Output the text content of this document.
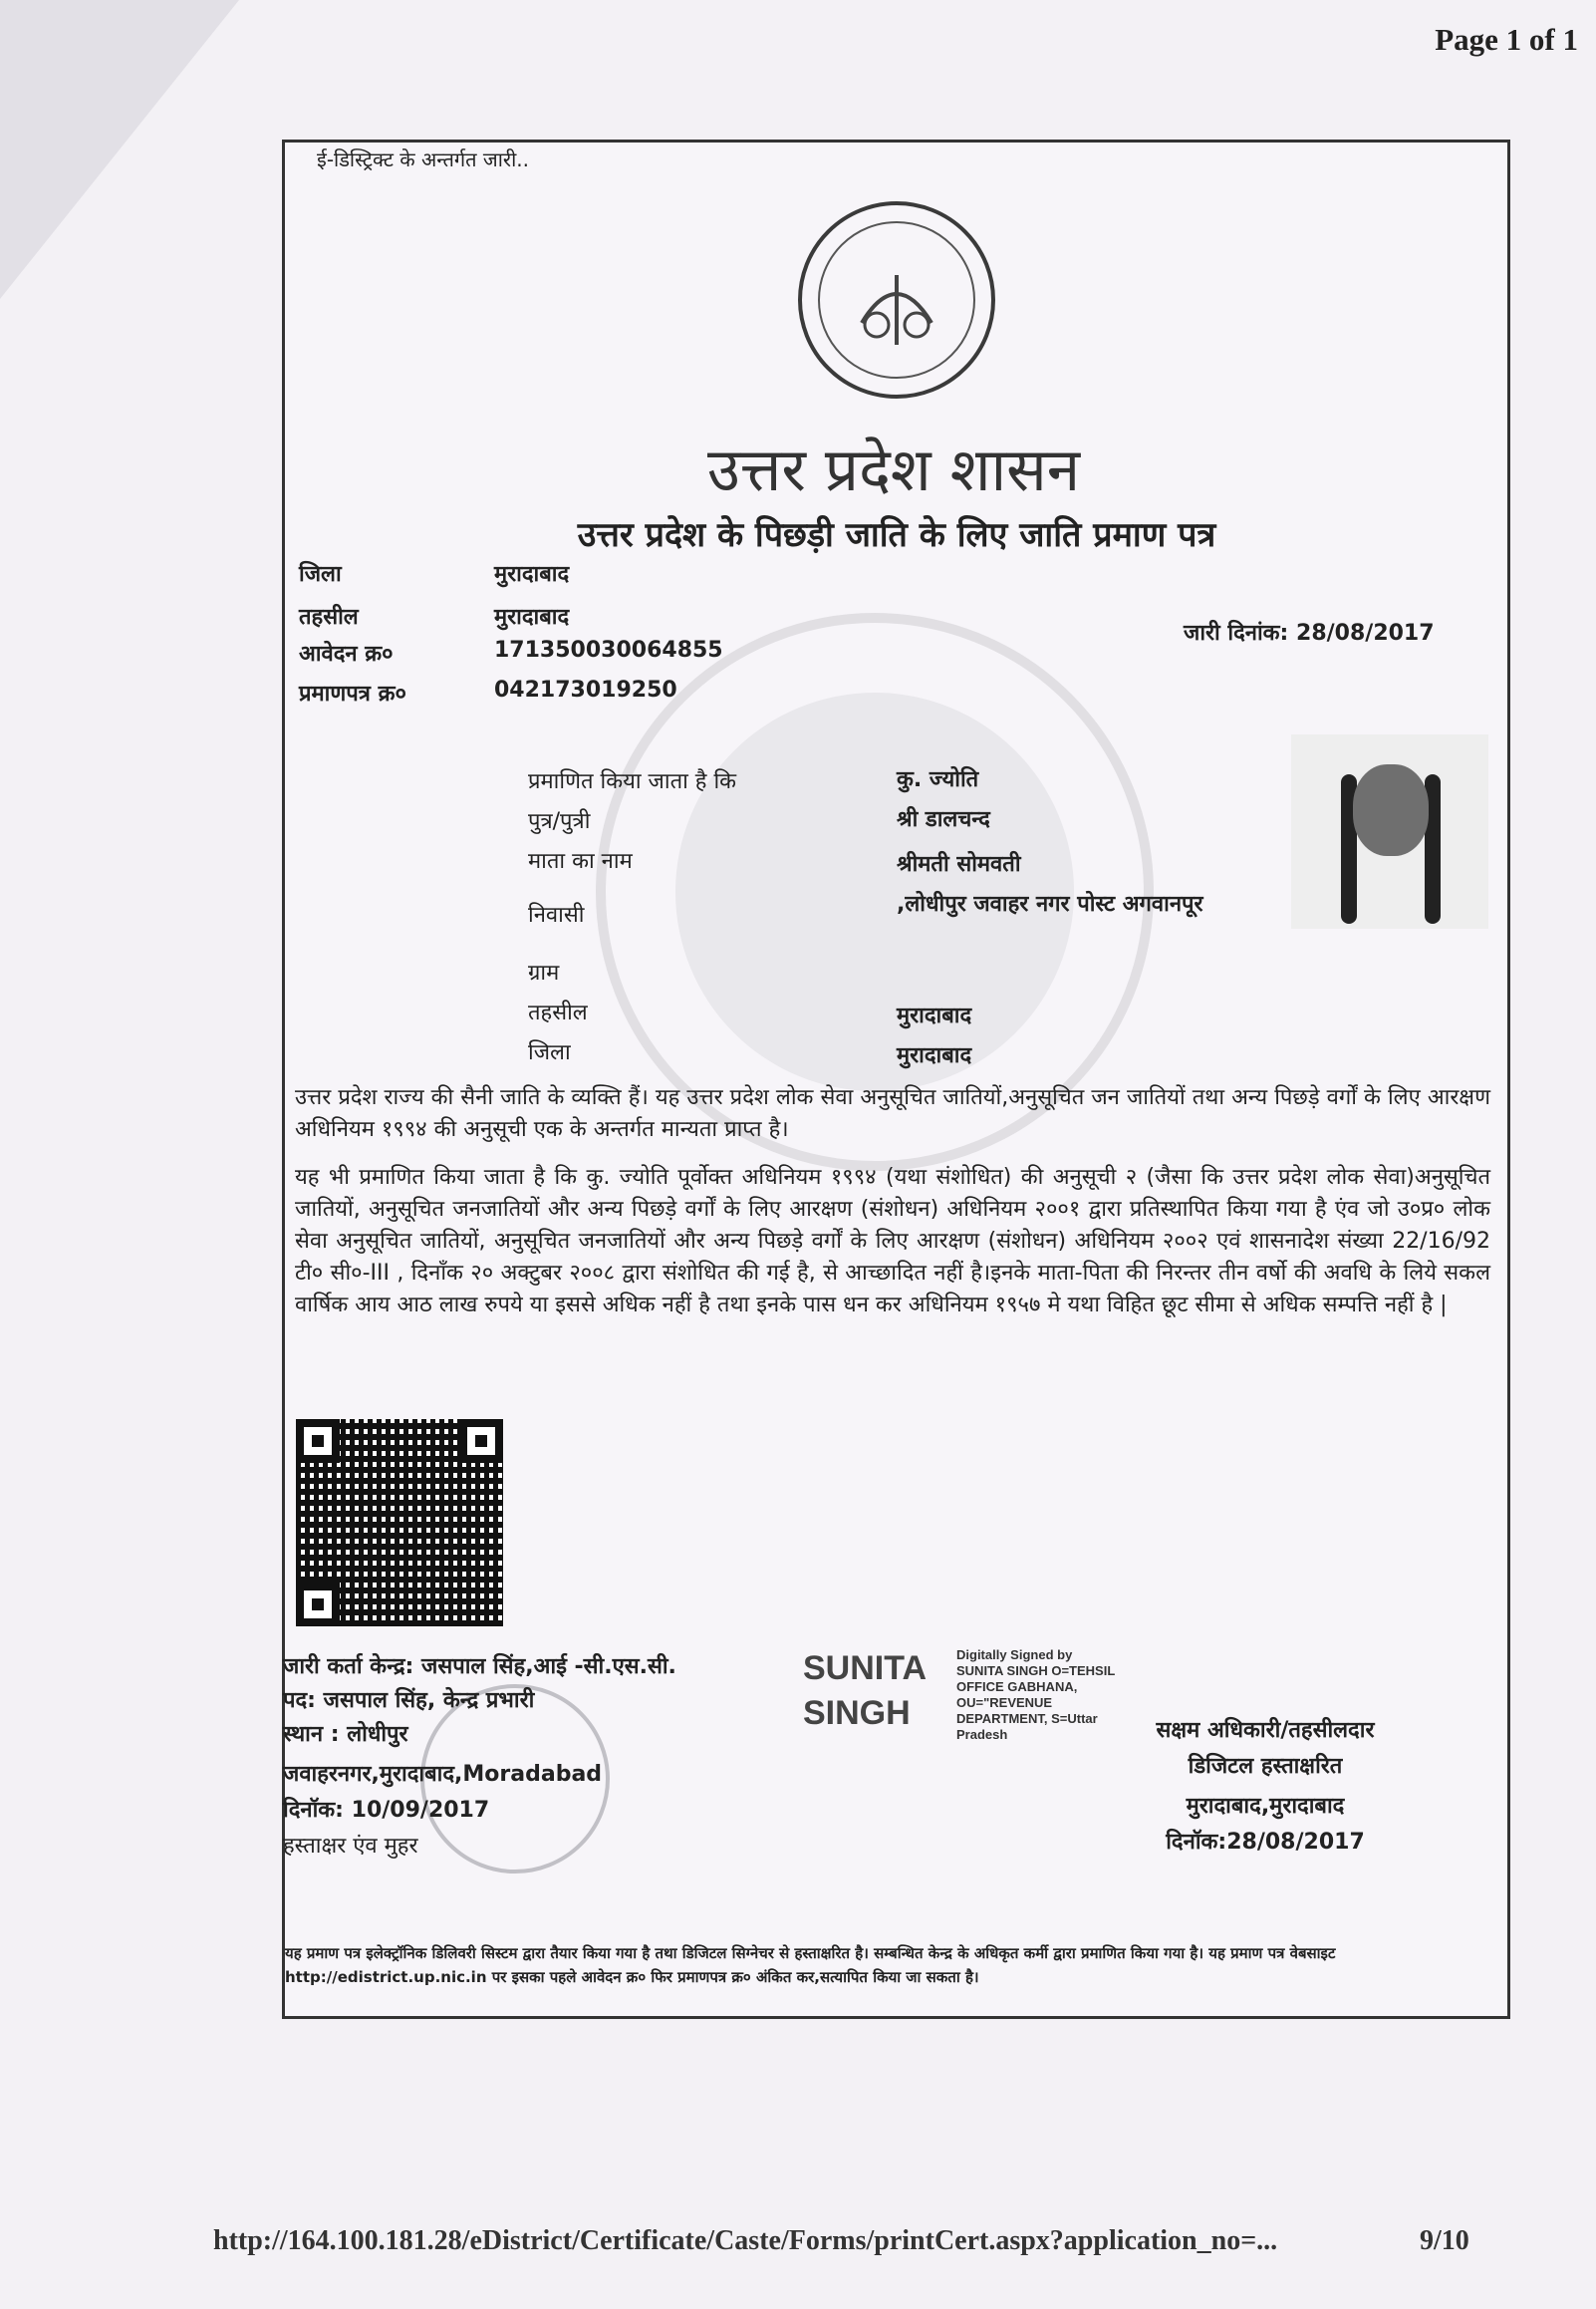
Page 1 of 1
ई-डिस्ट्रिक्ट के अन्तर्गत जारी..
उत्तर प्रदेश शासन
उत्तर प्रदेश के पिछड़ी जाति के लिए जाति प्रमाण पत्र
जिला	मुरादाबाद
तहसील	मुरादाबाद
आवेदन क्र०	171350030064855
प्रमाणपत्र क्र०	042173019250
जारी दिनांक: 28/08/2017
प्रमाणित किया जाता है कि	कु. ज्योति
पुत्र/पुत्री	श्री डालचन्द
माता का नाम	श्रीमती सोमवती
निवासी	,लोधीपुर जवाहर नगर पोस्ट अगवानपूर
ग्राम
तहसील	मुरादाबाद
जिला	मुरादाबाद
उत्तर प्रदेश राज्य की सैनी जाति के व्यक्ति हैं। यह उत्तर प्रदेश लोक सेवा अनुसूचित जातियों,अनुसूचित जन जातियों तथा अन्य पिछड़े वर्गों के लिए आरक्षण अधिनियम १९९४ की अनुसूची एक के अन्तर्गत मान्यता प्राप्त है।
यह भी प्रमाणित किया जाता है कि कु. ज्योति पूर्वोक्त अधिनियम १९९४ (यथा संशोधित) की अनुसूची २ (जैसा कि उत्तर प्रदेश लोक सेवा)अनुसूचित जातियों, अनुसूचित जनजातियों और अन्य पिछड़े वर्गों के लिए आरक्षण (संशोधन) अधिनियम २००१ द्वारा प्रतिस्थापित किया गया है एंव जो उ०प्र० लोक सेवा अनुसूचित जातियों, अनुसूचित जनजातियों और अन्य पिछड़े वर्गों के लिए आरक्षण (संशोधन) अधिनियम २००२ एवं शासनादेश संख्या 22/16/92 टी० सी०-III , दिनाँक २० अक्टुबर २००८ द्वारा संशोधित की गई है, से आच्छादित नहीं है।इनके माता-पिता की निरन्तर तीन वर्षो की अवधि के लिये सकल वार्षिक आय आठ लाख रुपये या इससे अधिक नहीं है तथा इनके पास धन कर अधिनियम १९५७ मे यथा विहित छूट सीमा से अधिक सम्पत्ति नहीं है |
जारी कर्ता केन्द्र: जसपाल सिंह,आई -सी.एस.सी.
पद: जसपाल सिंह, केन्द्र प्रभारी
स्थान : लोधीपुर
जवाहरनगर,मुरादाबाद,Moradabad
दिनॉक: 10/09/2017
हस्ताक्षर एंव मुहर
SUNITA
SINGH
Digitally Signed by SUNITA SINGH O=TEHSIL OFFICE GABHANA, OU="REVENUE DEPARTMENT, S=Uttar Pradesh	सक्षम अधिकारी/तहसीलदार
डिजिटल हस्ताक्षरित
मुरादाबाद,मुरादाबाद
दिनॉक:28/08/2017
यह प्रमाण पत्र इलेक्ट्रॉनिक डिलिवरी सिस्टम द्वारा तैयार किया गया है तथा डिजिटल सिग्नेचर से हस्ताक्षरित है। सम्बन्धित केन्द्र के अधिकृत कर्मी द्वारा प्रमाणित किया गया है। यह प्रमाण पत्र वेबसाइट http://edistrict.up.nic.in पर इसका पहले आवेदन क्र० फिर प्रमाणपत्र क्र० अंकित कर,सत्यापित किया जा सकता है।
http://164.100.181.28/eDistrict/Certificate/Caste/Forms/printCert.aspx?application_no=...	9/10
